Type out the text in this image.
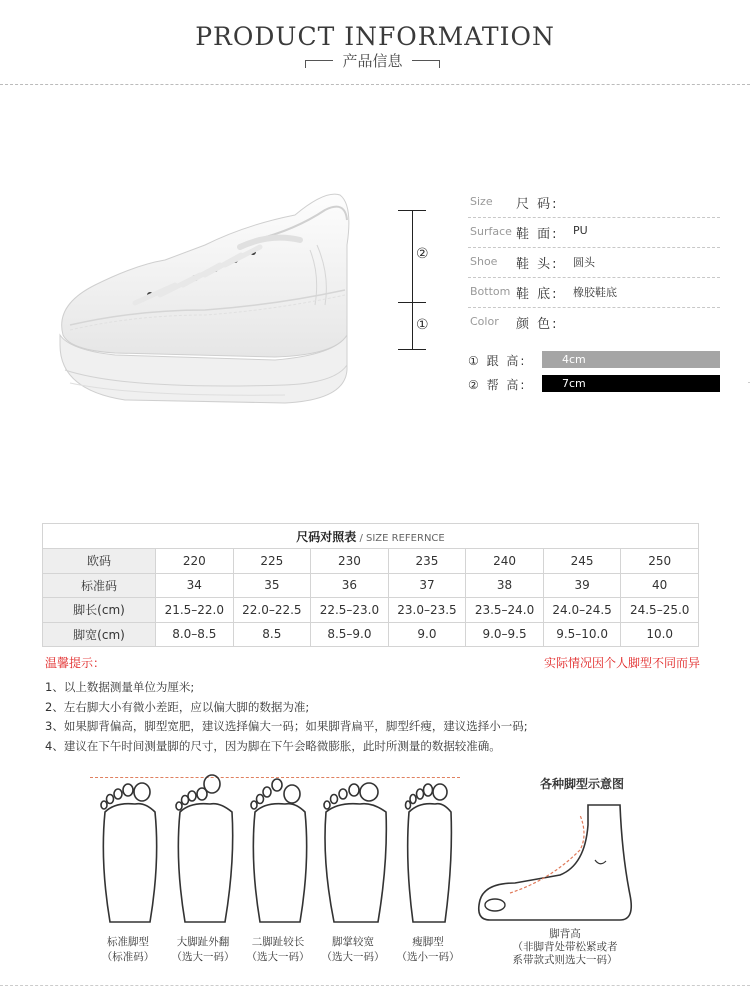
PRODUCT INFORMATION
产品信息
②
①
Size 尺 码:
Surface 鞋 面: PU
Shoe 鞋 头: 圆头
Bottom 鞋 底: 橡胶鞋底
Color 颜 色:
① 跟 高:	4cm
② 帮 高:	7cm
尺码对照表 / SIZE REFERNCE							
欧码	220	225	230	235	240	245	250
标准码	34	35	36	37	38	39	40
脚长(cm)	21.5–22.0	22.0–22.5	22.5–23.0	23.0–23.5	23.5–24.0	24.0–24.5	24.5–25.0
脚宽(cm)	8.0–8.5	8.5	8.5–9.0	9.0	9.0–9.5	9.5–10.0	10.0
温馨提示：	实际情况因个人脚型不同而异
1、以上数据测量单位为厘米;
2、左右脚大小有微小差距，应以偏大脚的数据为准;
3、如果脚背偏高，脚型宽肥，建议选择偏大一码；如果脚背扁平，脚型纤瘦，建议选择小一码;
4、建议在下午时间测量脚的尺寸，因为脚在下午会略微膨胀，此时所测量的数据较准确。
标准脚型
（标准码）
大脚趾外翻
（选大一码）
二脚趾较长
（选大一码）
脚掌较宽
（选大一码）
瘦脚型
（选小一码）
各种脚型示意图
脚背高
（非脚背处带松紧或者
系带款式则选大一码）
